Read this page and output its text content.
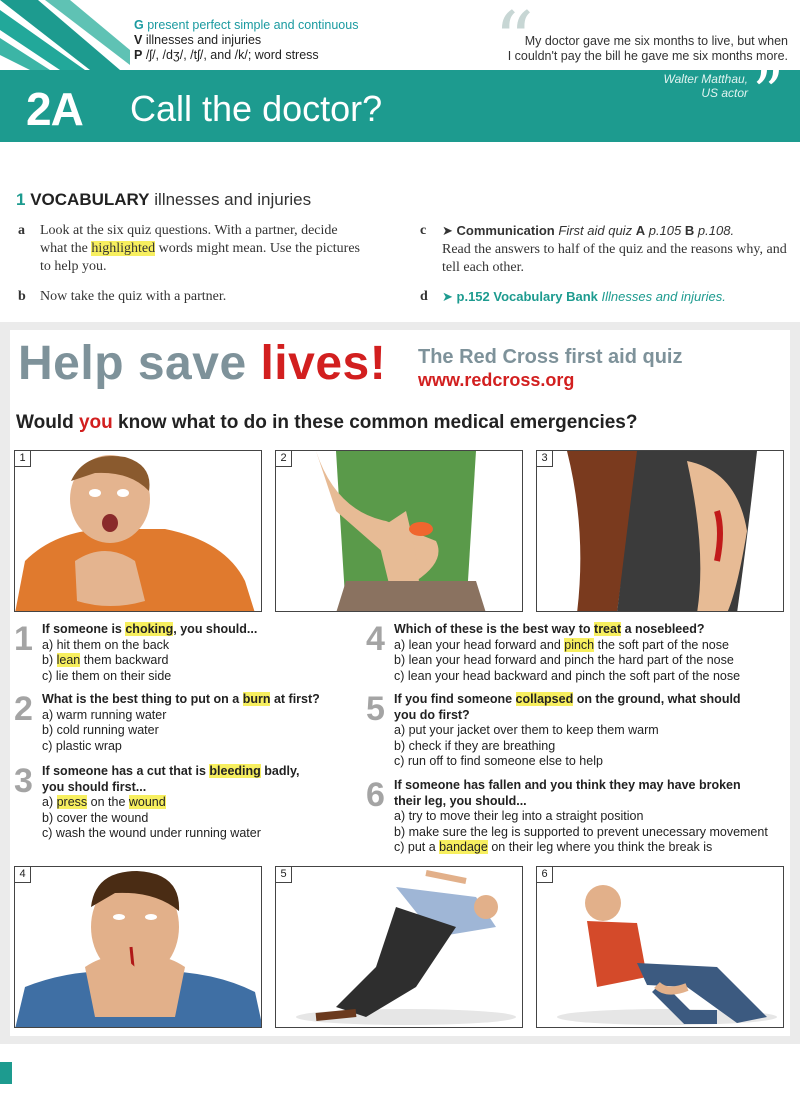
G present perfect simple and continuous
V illnesses and injuries
P /ʃ/, /dʒ/, /tʃ/, and /k/; word stress	“
My doctor gave me six months to live, but when
I couldn't pay the bill he gave me six months more.
2A Call the doctor?
Walter Matthau,
US actor ”
1 VOCABULARY illnesses and injuries
a Look at the six quiz questions. With a partner, decide what the highlighted words might mean. Use the pictures to help you.
b Now take the quiz with a partner.
c ➤ Communication First aid quiz A p.105 B p.108.
Read the answers to half of the quiz and the reasons why, and tell each other.
d ➤ p.152 Vocabulary Bank Illnesses and injuries.
Help save lives! The Red Cross first aid quiz
www.redcross.org
Would you know what to do in these common medical emergencies?
1	2	3
1 If someone is choking, you should...
a) hit them on the back
b) lean them backward
c) lie them on their side
2 What is the best thing to put on a burn at first?
a) warm running water
b) cold running water
c) plastic wrap
3 If someone has a cut that is bleeding badly,
you should first...
a) press on the wound
b) cover the wound
c) wash the wound under running water
4 Which of these is the best way to treat a nosebleed?
a) lean your head forward and pinch the soft part of the nose
b) lean your head forward and pinch the hard part of the nose
c) lean your head backward and pinch the soft part of the nose
5 If you find someone collapsed on the ground, what should
you do first?
a) put your jacket over them to keep them warm
b) check if they are breathing
c) run off to find someone else to help
6 If someone has fallen and you think they may have broken
their leg, you should...
a) try to move their leg into a straight position
b) make sure the leg is supported to prevent unecessary movement
c) put a bandage on their leg where you think the break is
4	5	6
